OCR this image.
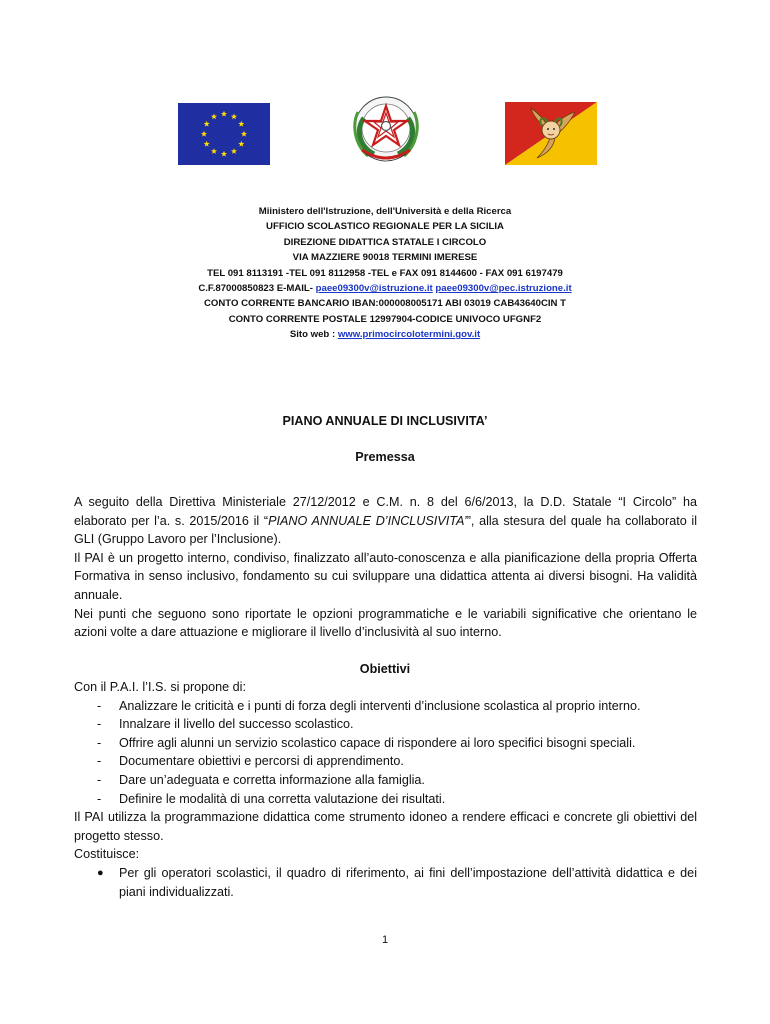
Miinistero dell'Istruzione, dell'Università e della Ricerca
UFFICIO SCOLASTICO REGIONALE PER LA SICILIA
DIREZIONE DIDATTICA STATALE I CIRCOLO
VIA MAZZIERE 90018 TERMINI IMERESE
TEL 091 8113191 -TEL 091 8112958 -TEL e FAX 091 8144600 - FAX 091 6197479
C.F.87000850823 E-MAIL- paee09300v@istruzione.it paee09300v@pec.istruzione.it
CONTO CORRENTE BANCARIO IBAN:000008005171 ABI 03019 CAB43640CIN T
CONTO CORRENTE POSTALE 12997904-CODICE UNIVOCO UFGNF2
Sito web : www.primocircolotermini.gov.it
PIANO ANNUALE DI INCLUSIVITA’
Premessa

A seguito della Direttiva Ministeriale 27/12/2012 e C.M. n. 8 del 6/6/2013, la D.D. Statale “I Circolo” ha elaborato per l’a. s. 2015/2016 il “PIANO ANNUALE D’INCLUSIVITA’”, alla stesura del quale ha collaborato il GLI (Gruppo Lavoro per l’Inclusione).

Il PAI è un progetto interno, condiviso, finalizzato all’auto-conoscenza e alla pianificazione della propria Offerta Formativa in senso inclusivo, fondamento su cui sviluppare una didattica attenta ai diversi bisogni. Ha validità annuale.

Nei punti che seguono sono riportate le opzioni programmatiche e le variabili significative che orientano le azioni volte a dare attuazione e migliorare il livello d’inclusività al suo interno.

Obiettivi

Con il P.A.I. l’I.S. si propone di:

- Analizzare le criticità e i punti di forza degli interventi d’inclusione scolastica al proprio interno.
- Innalzare il livello del successo scolastico.
- Offrire agli alunni un servizio scolastico capace di rispondere ai loro specifici bisogni speciali.
- Documentare obiettivi e percorsi di apprendimento.
- Dare un’adeguata e corretta informazione alla famiglia.
- Definire le modalità di una corretta valutazione dei risultati.

Il PAI utilizza la programmazione didattica come strumento idoneo a rendere efficaci e concrete gli obiettivi del progetto stesso.

Costituisce:

● Per gli operatori scolastici, il quadro di riferimento, ai fini dell’impostazione dell’attività didattica e dei piani individualizzati.
1
